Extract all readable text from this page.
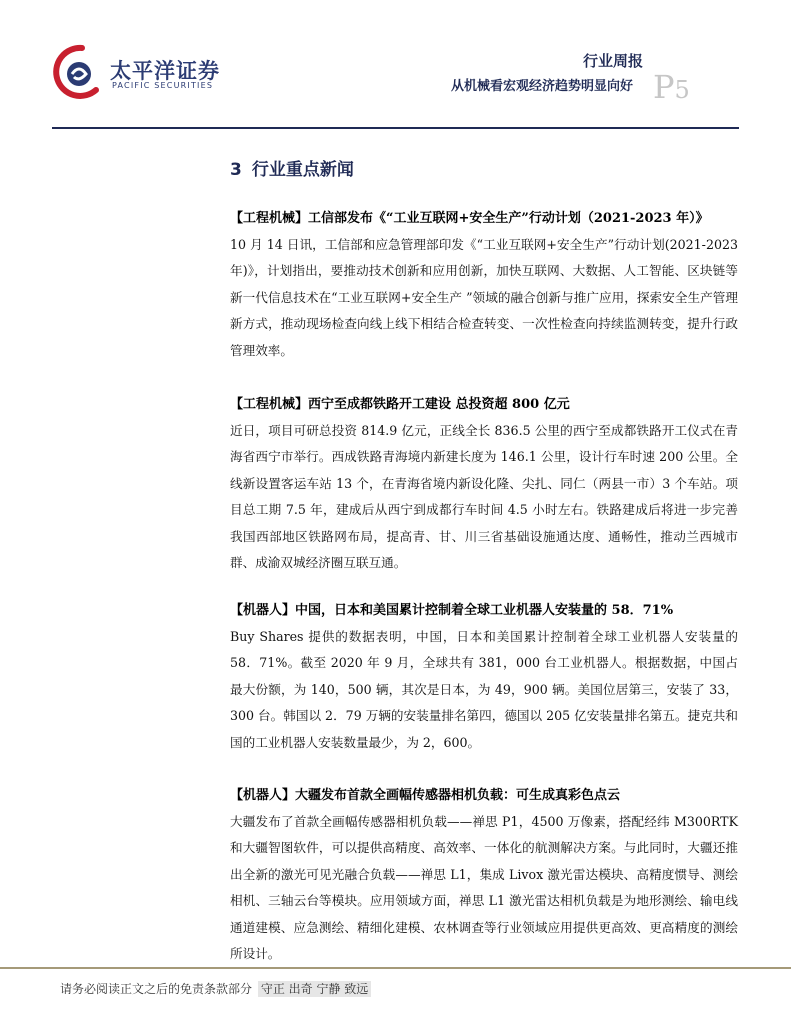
太平洋证券
PACIFIC SECURITIES
行业周报
从机械看宏观经济趋势明显向好 P5
3 行业重点新闻
【工程机械】工信部发布《“工业互联网+安全生产”行动计划（2021-2023 年）》

10 月 14 日讯，工信部和应急管理部印发《“工业互联网+安全生产”行动计划(2021-2023 年)》，计划指出，要推动技术创新和应用创新，加快互联网、大数据、人工智能、区块链等新一代信息技术在“工业互联网+安全生产 ”领域的融合创新与推广应用，探索安全生产管理新方式，推动现场检查向线上线下相结合检查转变、一次性检查向持续监测转变，提升行政管理效率。

【工程机械】西宁至成都铁路开工建设 总投资超 800 亿元

近日，项目可研总投资 814.9 亿元，正线全长 836.5 公里的西宁至成都铁路开工仪式在青海省西宁市举行。西成铁路青海境内新建长度为 146.1 公里，设计行车时速 200 公里。全线新设置客运车站 13 个，在青海省境内新设化隆、尖扎、同仁（两县一市）3 个车站。项目总工期 7.5 年，建成后从西宁到成都行车时间 4.5 小时左右。铁路建成后将进一步完善我国西部地区铁路网布局，提高青、甘、川三省基础设施通达度、通畅性，推动兰西城市群、成渝双城经济圈互联互通。

【机器人】中国，日本和美国累计控制着全球工业机器人安装量的 58．71%

Buy Shares 提供的数据表明，中国，日本和美国累计控制着全球工业机器人安装量的 58．71%。截至 2020 年 9 月，全球共有 381，000 台工业机器人。根据数据，中国占最大份额，为 140，500 辆，其次是日本，为 49，900 辆。美国位居第三，安装了 33，300 台。韩国以 2．79 万辆的安装量排名第四，德国以 205 亿安装量排名第五。捷克共和国的工业机器人安装数量最少，为 2，600。

【机器人】大疆发布首款全画幅传感器相机负载：可生成真彩色点云

大疆发布了首款全画幅传感器相机负载——禅思 P1，4500 万像素，搭配经纬 M300RTK 和大疆智图软件，可以提供高精度、高效率、一体化的航测解决方案。与此同时，大疆还推出全新的激光可见光融合负载——禅思 L1，集成 Livox 激光雷达模块、高精度惯导、测绘相机、三轴云台等模块。应用领域方面，禅思 L1 激光雷达相机负载是为地形测绘、输电线通道建模、应急测绘、精细化建模、农林调查等行业领域应用提供更高效、更高精度的测绘所设计。

请务必阅读正文之后的免责条款部分 守正 出奇 宁静 致远
